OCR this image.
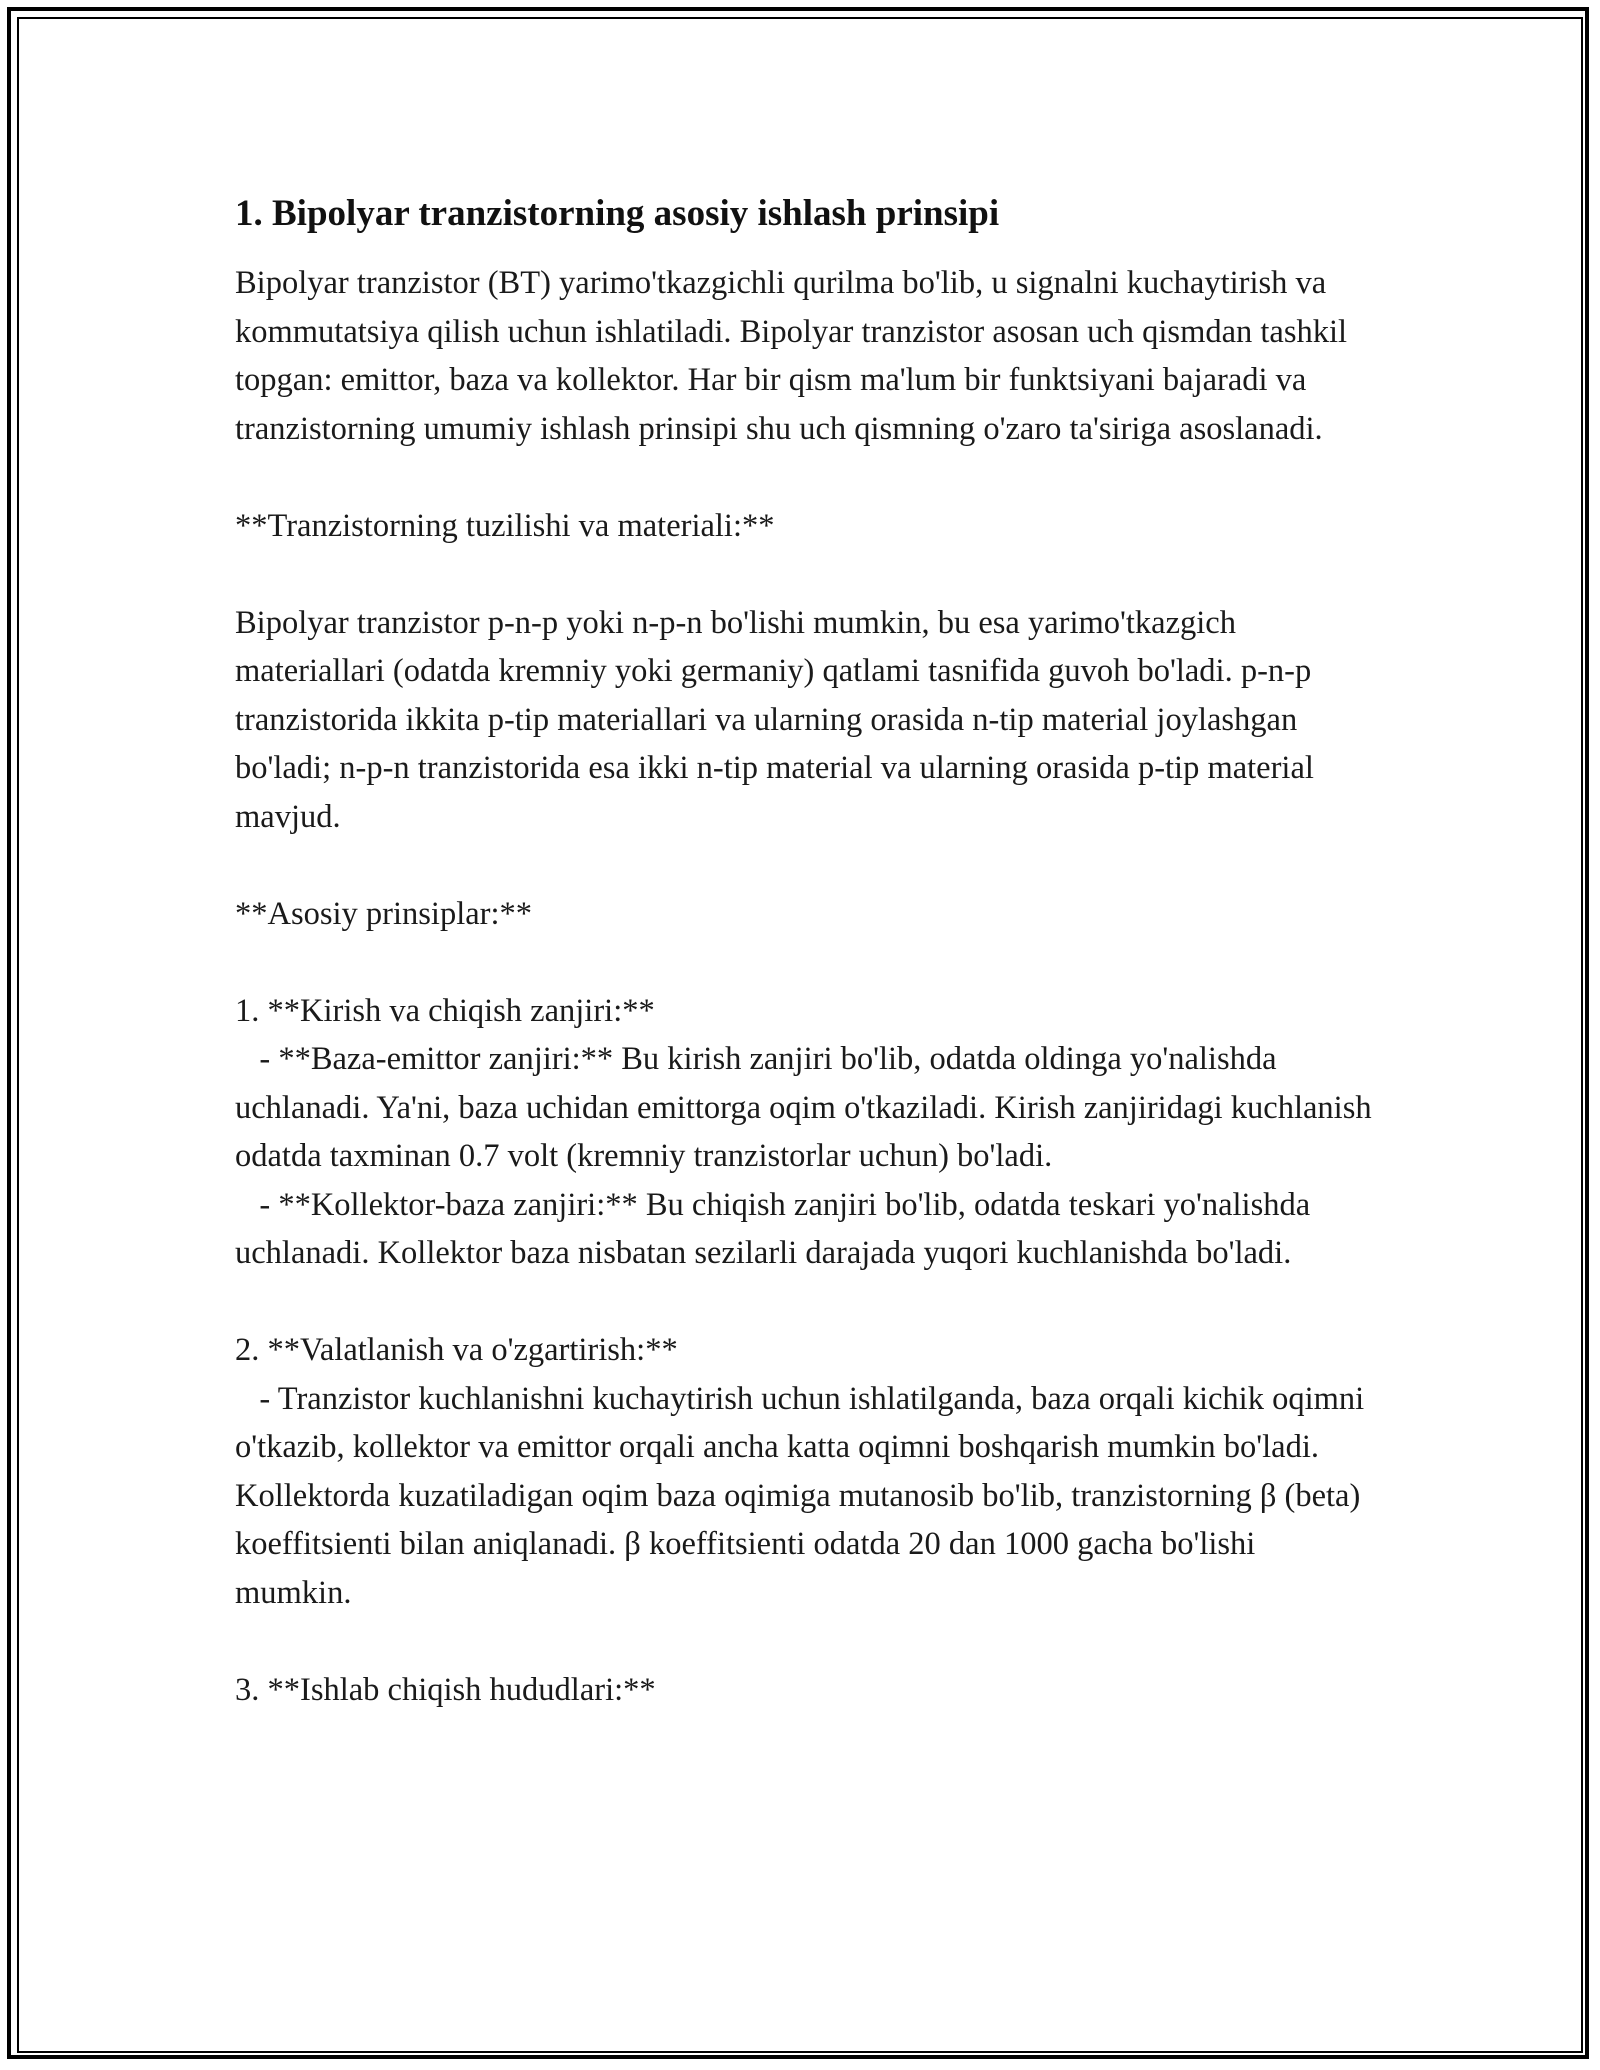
1. Bipolyar tranzistorning asosiy ishlash prinsipi

Bipolyar tranzistor (BT) yarimo'tkazgichli qurilma bo'lib, u signalni kuchaytirish va kommutatsiya qilish uchun ishlatiladi. Bipolyar tranzistor asosan uch qismdan tashkil topgan: emittor, baza va kollektor. Har bir qism ma'lum bir funktsiyani bajaradi va tranzistorning umumiy ishlash prinsipi shu uch qismning o'zaro ta'siriga asoslanadi.

**Tranzistorning tuzilishi va materiali:**

Bipolyar tranzistor p-n-p yoki n-p-n bo'lishi mumkin, bu esa yarimo'tkazgich materiallari (odatda kremniy yoki germaniy) qatlami tasnifida guvoh bo'ladi. p-n-p tranzistorida ikkita p-tip materiallari va ularning orasida n-tip material joylashgan bo'ladi; n-p-n tranzistorida esa ikki n-tip material va ularning orasida p-tip material mavjud.

**Asosiy prinsiplar:**

1. **Kirish va chiqish zanjiri:**

- **Baza-emittor zanjiri:** Bu kirish zanjiri bo'lib, odatda oldinga yo'nalishda uchlanadi. Ya'ni, baza uchidan emittorga oqim o'tkaziladi. Kirish zanjiridagi kuchlanish odatda taxminan 0.7 volt (kremniy tranzistorlar uchun) bo'ladi.

- **Kollektor-baza zanjiri:** Bu chiqish zanjiri bo'lib, odatda teskari yo'nalishda uchlanadi. Kollektor baza nisbatan sezilarli darajada yuqori kuchlanishda bo'ladi.

2. **Valatlanish va o'zgartirish:**

- Tranzistor kuchlanishni kuchaytirish uchun ishlatilganda, baza orqali kichik oqimni o'tkazib, kollektor va emittor orqali ancha katta oqimni boshqarish mumkin bo'ladi. Kollektorda kuzatiladigan oqim baza oqimiga mutanosib bo'lib, tranzistorning β (beta) koeffitsienti bilan aniqlanadi. β koeffitsienti odatda 20 dan 1000 gacha bo'lishi mumkin.

3. **Ishlab chiqish hududlari:**
